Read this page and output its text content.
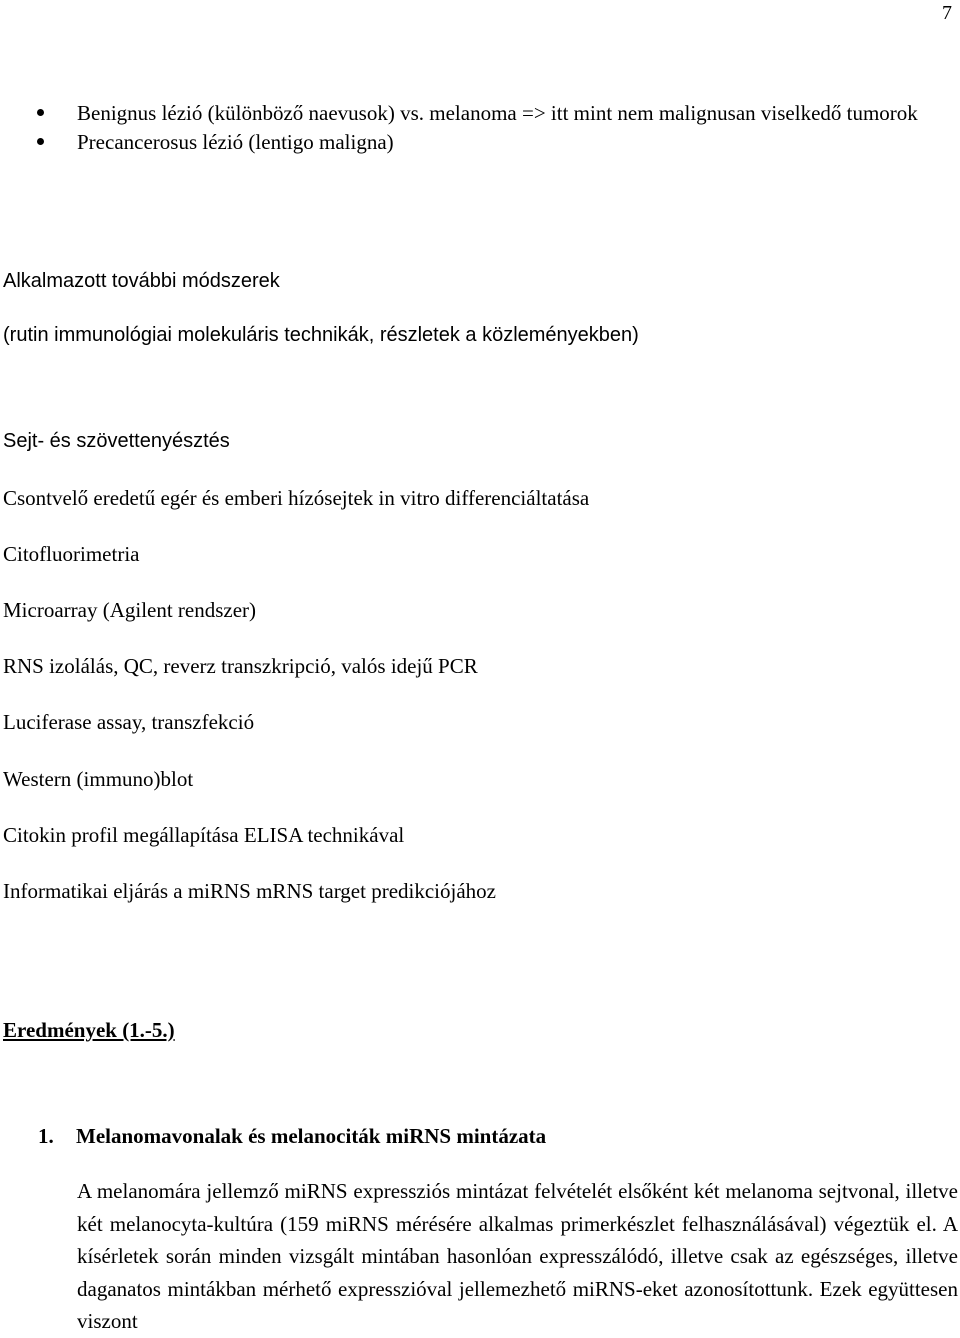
7
Benignus lézió (különböző naevusok) vs. melanoma => itt mint nem malignusan viselkedő tumorok
Precancerosus lézió (lentigo maligna)
Alkalmazott további módszerek
(rutin immunológiai molekuláris technikák, részletek a közleményekben)
Sejt- és szövettenyésztés
Csontvelő eredetű egér és emberi hízósejtek in vitro differenciáltatása
Citofluorimetria
Microarray (Agilent rendszer)
RNS izolálás, QC, reverz transzkripció, valós idejű PCR
Luciferase assay, transzfekció
Western (immuno)blot
Citokin profil megállapítása ELISA technikával
Informatikai eljárás a miRNS mRNS target predikciójához
Eredmények (1.-5.)
1. Melanomavonalak és melanociták miRNS mintázata

A melanomára jellemző miRNS expressziós mintázat felvételét elsőként két melanoma sejtvonal, illetve két melanocyta-kultúra (159 miRNS mérésére alkalmas primerkészlet felhasználásával) végeztük el. A kísérletek során minden vizsgált mintában hasonlóan expresszálódó, illetve csak az egészséges, illetve daganatos mintákban mérhető expresszióval jellemezhető miRNS-eket azonosítottunk. Ezek együttesen viszont
